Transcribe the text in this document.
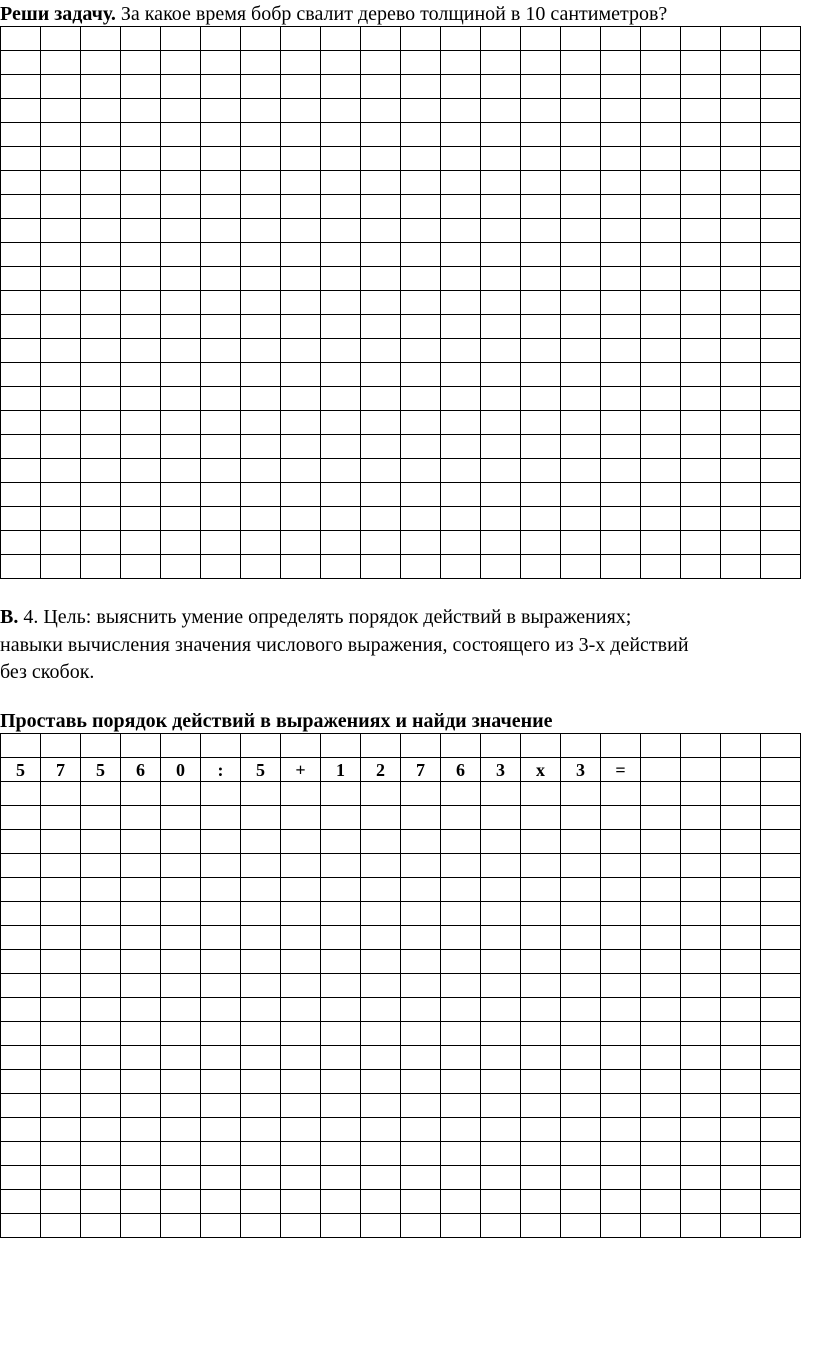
Реши задачу. За какое время бобр свалит дерево толщиной в 10 сантиметров?

В. 4. Цель: выяснить умение определять порядок действий в выражениях;

навыки вычисления значения числового выражения, состоящего из 3-х действий

без скобок.

Проставь порядок действий в выражениях и найди значение

5	7	5	6	0	:	5	+	1	2	7	6	3	x	3	=				
